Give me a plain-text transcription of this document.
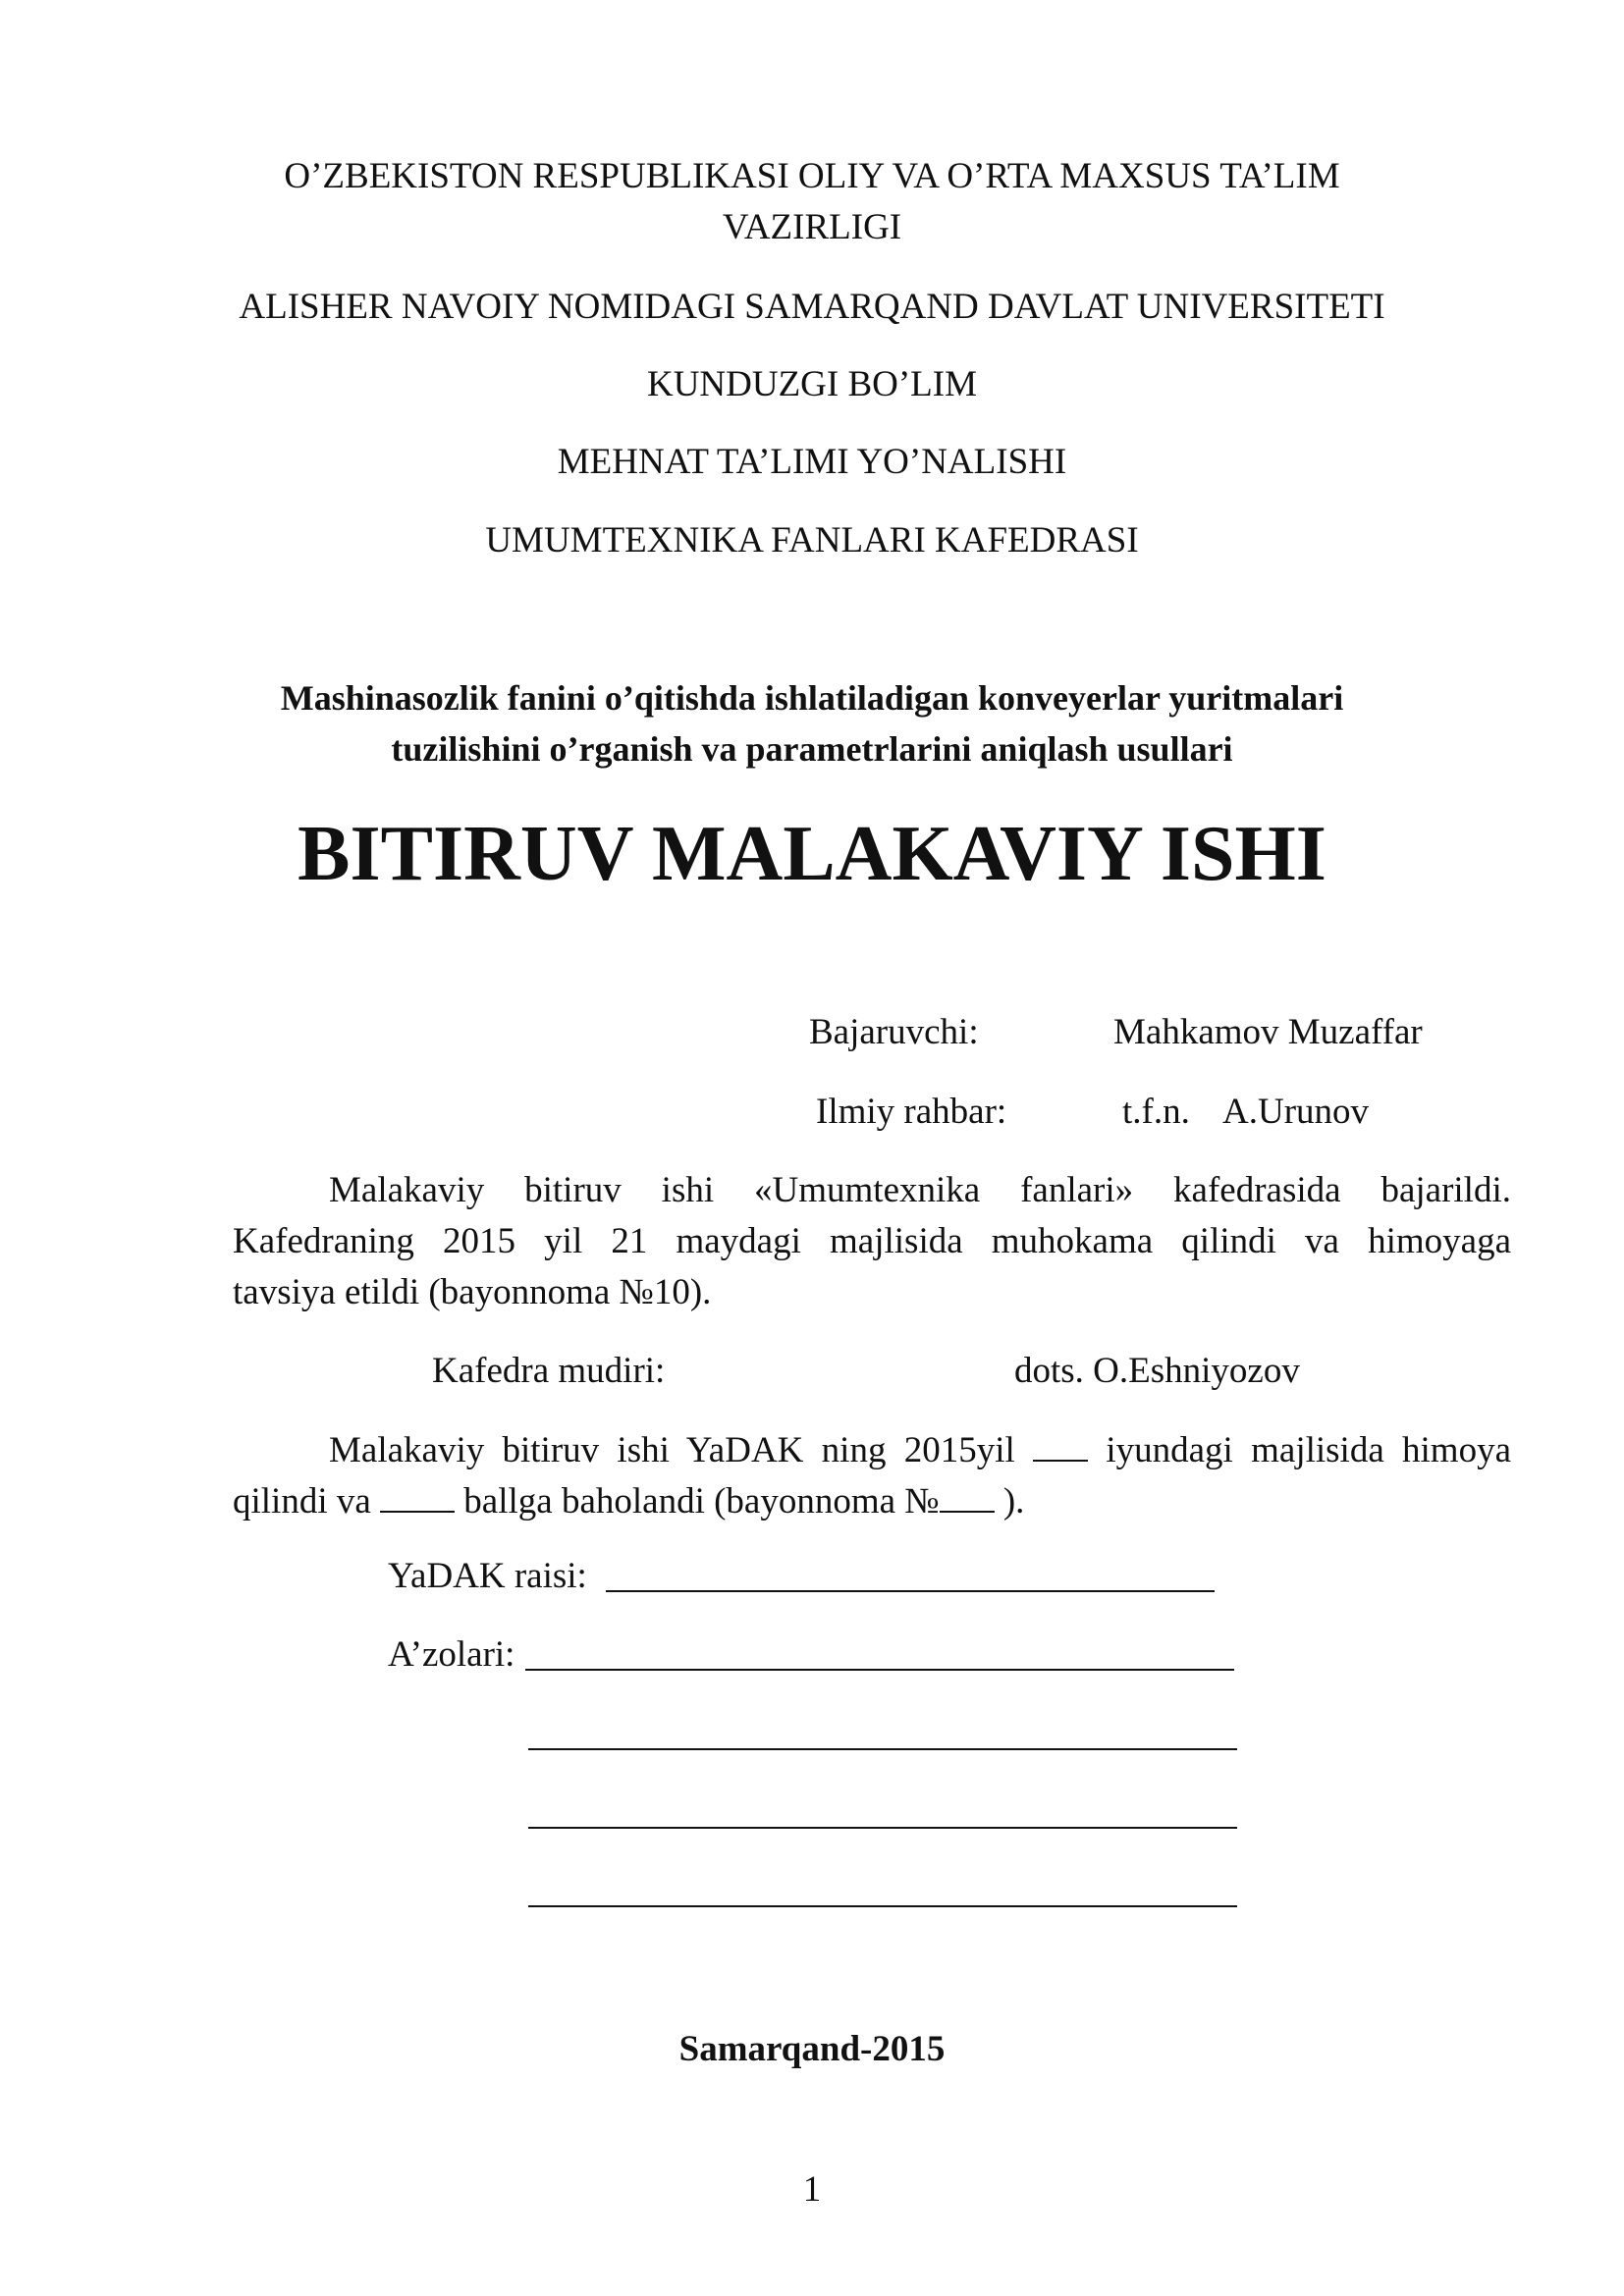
O’ZBEKISTON RESPUBLIKASI OLIY VA O’RTA MAXSUS TA’LIM
VAZIRLIGI
ALISHER NAVOIY NOMIDAGI SAMARQAND DAVLAT UNIVERSITETI
KUNDUZGI BO’LIM
MEHNAT TA’LIMI YO’NALISHI
UMUMTEXNIKA FANLARI KAFEDRASI
Mashinasozlik fanini o’qitishda ishlatiladigan konveyerlar yuritmalari
tuzilishini o’rganish va parametrlarini aniqlash usullari
BITIRUV MALAKAVIY ISHI
Bajaruvchi:	Mahkamov Muzaffar
Ilmiy rahbar:	t.f.n. A.Urunov
Malakaviy bitiruv ishi «Umumtexnika fanlari» kafedrasida bajarildi.
Kafedraning 2015 yil 21 maydagi majlisida muhokama qilindi va himoyaga
tavsiya etildi (bayonnoma №10).
Kafedra mudiri:	dots. O.Eshniyozov
Malakaviy bitiruv ishi YaDAK ning 2015yil	iyundagi majlisida himoya
qilindi va	ballga baholandi (bayonnoma № ).
YaDAK raisi:
A’zolari:
Samarqand-2015
1
